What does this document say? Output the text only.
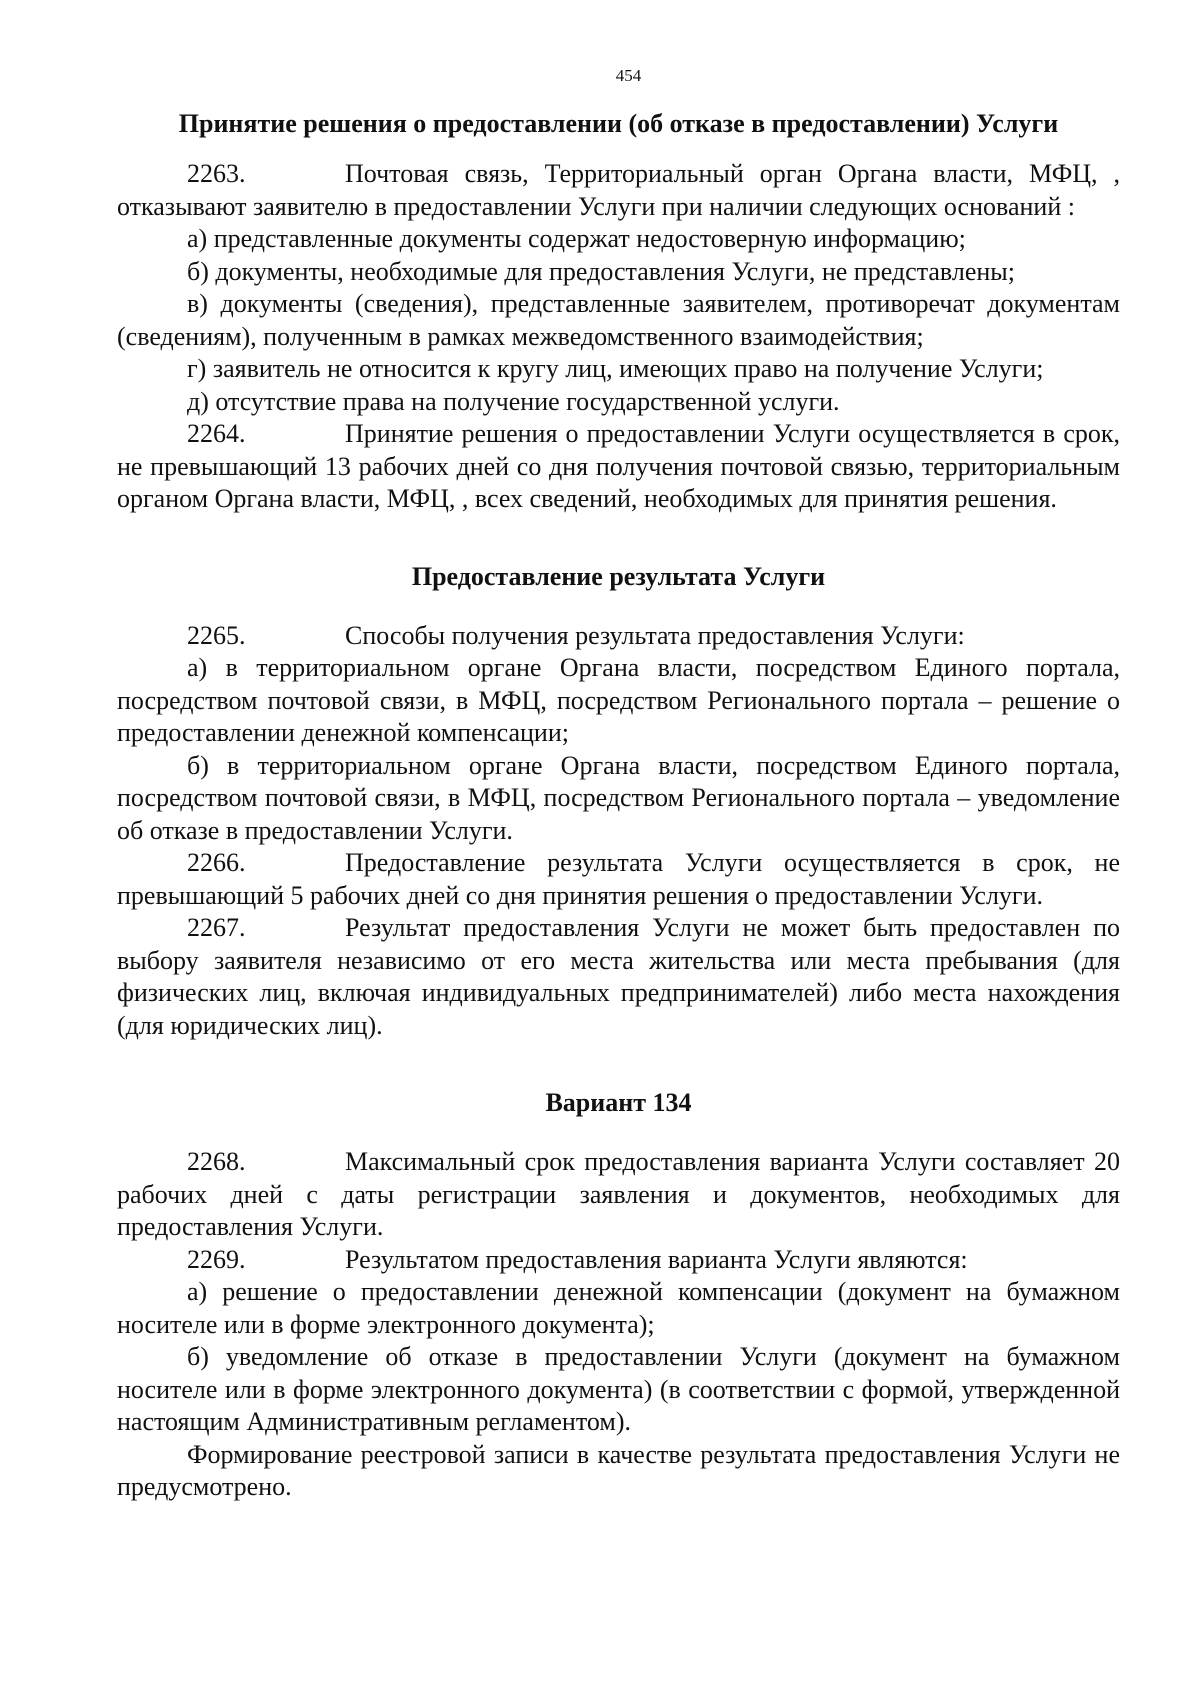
454
Принятие решения о предоставлении (об отказе в предоставлении) Услуги

2263.	Почтовая связь, Территориальный орган Органа власти, МФЦ, , отказывают заявителю в предоставлении Услуги при наличии следующих оснований :

а) представленные документы содержат недостоверную информацию;

б) документы, необходимые для предоставления Услуги, не представлены;

в) документы (сведения), представленные заявителем, противоречат документам (сведениям), полученным в рамках межведомственного взаимодействия;

г) заявитель не относится к кругу лиц, имеющих право на получение Услуги;

д) отсутствие права на получение государственной услуги.

2264.	Принятие решения о предоставлении Услуги осуществляется в срок, не превышающий 13 рабочих дней со дня получения почтовой связью, территориальным органом Органа власти, МФЦ, , всех сведений, необходимых для принятия решения.

Предоставление результата Услуги

2265.	Способы получения результата предоставления Услуги:

а) в территориальном органе Органа власти, посредством Единого портала, посредством почтовой связи, в МФЦ, посредством Регионального портала – решение о предоставлении денежной компенсации;

б) в территориальном органе Органа власти, посредством Единого портала, посредством почтовой связи, в МФЦ, посредством Регионального портала – уведомление об отказе в предоставлении Услуги.

2266.	Предоставление результата Услуги осуществляется в срок, не превышающий 5 рабочих дней со дня принятия решения о предоставлении Услуги.

2267.	Результат предоставления Услуги не может быть предоставлен по выбору заявителя независимо от его места жительства или места пребывания (для физических лиц, включая индивидуальных предпринимателей) либо места нахождения (для юридических лиц).

Вариант 134

2268.	Максимальный срок предоставления варианта Услуги составляет 20 рабочих дней с даты регистрации заявления и документов, необходимых для предоставления Услуги.

2269.	Результатом предоставления варианта Услуги являются:

а) решение о предоставлении денежной компенсации (документ на бумажном носителе или в форме электронного документа);

б) уведомление об отказе в предоставлении Услуги (документ на бумажном носителе или в форме электронного документа) (в соответствии с формой, утвержденной настоящим Административным регламентом).

Формирование реестровой записи в качестве результата предоставления Услуги не предусмотрено.
